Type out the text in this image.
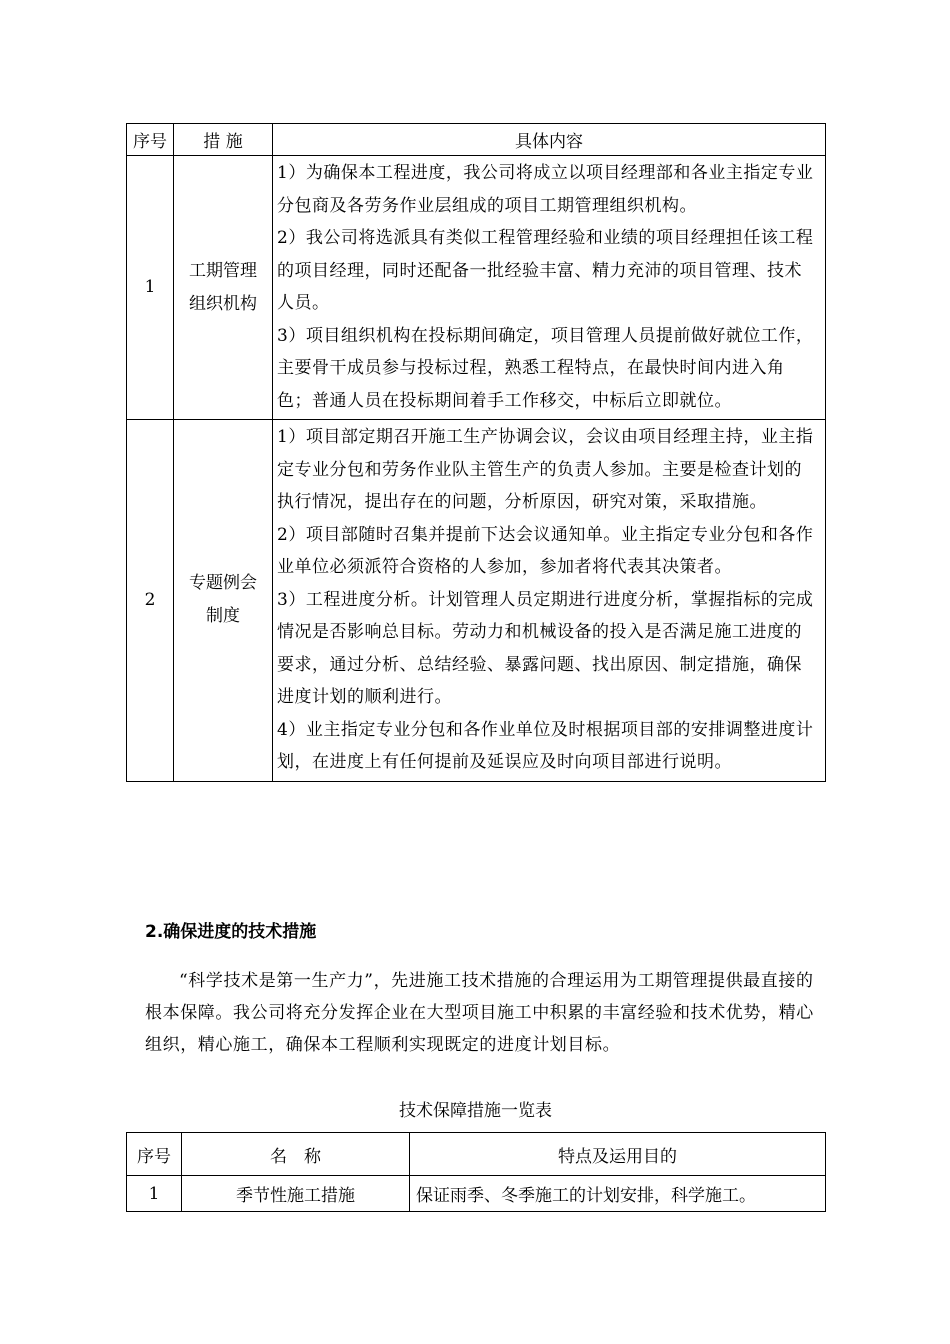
序号	措 施	具体内容
1	工期管理组织机构	1）为确保本工程进度，我公司将成立以项目经理部和各业主指定专业分包商及各劳务作业层组成的项目工期管理组织机构。
2）我公司将选派具有类似工程管理经验和业绩的项目经理担任该工程的项目经理，同时还配备一批经验丰富、精力充沛的项目管理、技术人员。
3）项目组织机构在投标期间确定，项目管理人员提前做好就位工作，主要骨干成员参与投标过程，熟悉工程特点，在最快时间内进入角色；普通人员在投标期间着手工作移交，中标后立即就位。

2	专题例会制度	1）项目部定期召开施工生产协调会议，会议由项目经理主持，业主指定专业分包和劳务作业队主管生产的负责人参加。主要是检查计划的执行情况，提出存在的问题，分析原因，研究对策，采取措施。
2）项目部随时召集并提前下达会议通知单。业主指定专业分包和各作业单位必须派符合资格的人参加，参加者将代表其决策者。
3）工程进度分析。计划管理人员定期进行进度分析，掌握指标的完成情况是否影响总目标。劳动力和机械设备的投入是否满足施工进度的要求，通过分析、总结经验、暴露问题、找出原因、制定措施，确保进度计划的顺利进行。
4）业主指定专业分包和各作业单位及时根据项目部的安排调整进度计划，在进度上有任何提前及延误应及时向项目部进行说明。

2.确保进度的技术措施

“科学技术是第一生产力”，先进施工技术措施的合理运用为工期管理提供最直接的根本保障。我公司将充分发挥企业在大型项目施工中积累的丰富经验和技术优势，精心组织，精心施工，确保本工程顺利实现既定的进度计划目标。

技术保障措施一览表

序号	名　称	特点及运用目的
1	季节性施工措施	保证雨季、冬季施工的计划安排，科学施工。
